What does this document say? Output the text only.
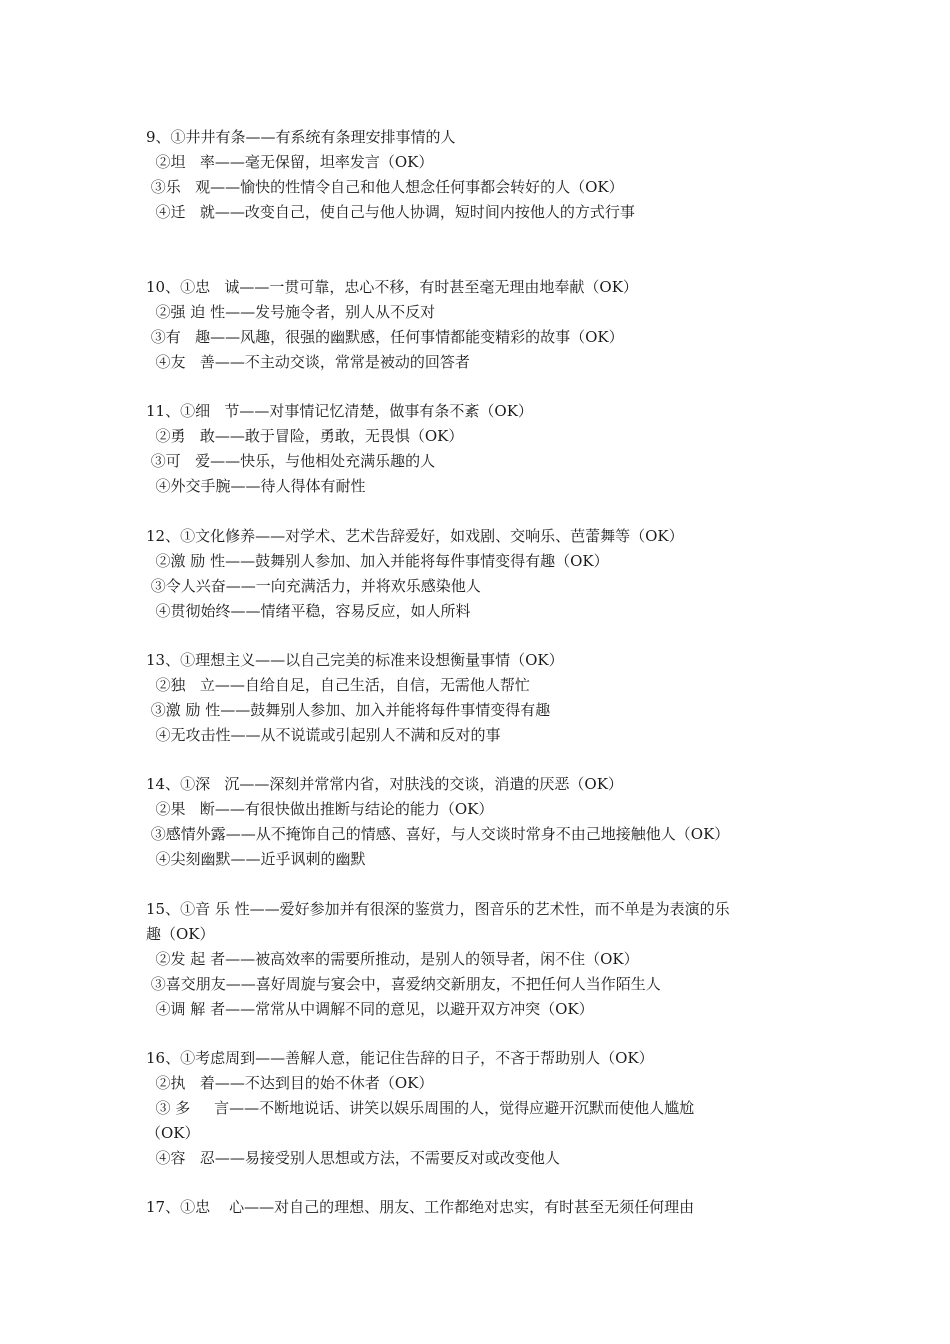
9、①井井有条——有系统有条理安排事情的人
②坦   率——毫无保留，坦率发言（OK）
③乐   观——愉快的性情令自己和他人想念任何事都会转好的人（OK）
④迁   就——改变自己，使自己与他人协调，短时间内按他人的方式行事
10、①忠   诚——一贯可靠，忠心不移，有时甚至毫无理由地奉献（OK）
②强 迫 性——发号施令者，别人从不反对
③有   趣——风趣，很强的幽默感，任何事情都能变精彩的故事（OK）
④友   善——不主动交谈，常常是被动的回答者
11、①细   节——对事情记忆清楚，做事有条不紊（OK）
②勇   敢——敢于冒险，勇敢，无畏惧（OK）
③可   爱——快乐，与他相处充满乐趣的人
④外交手腕——待人得体有耐性
12、①文化修养——对学术、艺术告辞爱好，如戏剧、交响乐、芭蕾舞等（OK）
②激 励 性——鼓舞别人参加、加入并能将每件事情变得有趣（OK）
③令人兴奋——一向充满活力，并将欢乐感染他人
④贯彻始终——情绪平稳，容易反应，如人所料
13、①理想主义——以自己完美的标准来设想衡量事情（OK）
②独   立——自给自足，自己生活，自信，无需他人帮忙
③激 励 性——鼓舞别人参加、加入并能将每件事情变得有趣
④无攻击性——从不说谎或引起别人不满和反对的事
14、①深   沉——深刻并常常内省，对肤浅的交谈，消遣的厌恶（OK）
②果   断——有很快做出推断与结论的能力（OK）
③感情外露——从不掩饰自己的情感、喜好，与人交谈时常身不由己地接触他人（OK）
④尖刻幽默——近乎讽刺的幽默
15、①音 乐 性——爱好参加并有很深的鉴赏力，图音乐的艺术性，而不单是为表演的乐
趣（OK）
②发 起 者——被高效率的需要所推动，是别人的领导者，闲不住（OK）
③喜交朋友——喜好周旋与宴会中，喜爱纳交新朋友，不把任何人当作陌生人
④调 解 者——常常从中调解不同的意见，以避开双方冲突（OK）
16、①考虑周到——善解人意，能记住告辞的日子，不吝于帮助别人（OK）
②执   着——不达到目的始不休者（OK）
③ 多     言——不断地说话、讲笑以娱乐周围的人，觉得应避开沉默而使他人尴尬
（OK）
④容   忍——易接受别人思想或方法，不需要反对或改变他人
17、①忠    心——对自己的理想、朋友、工作都绝对忠实，有时甚至无须任何理由
